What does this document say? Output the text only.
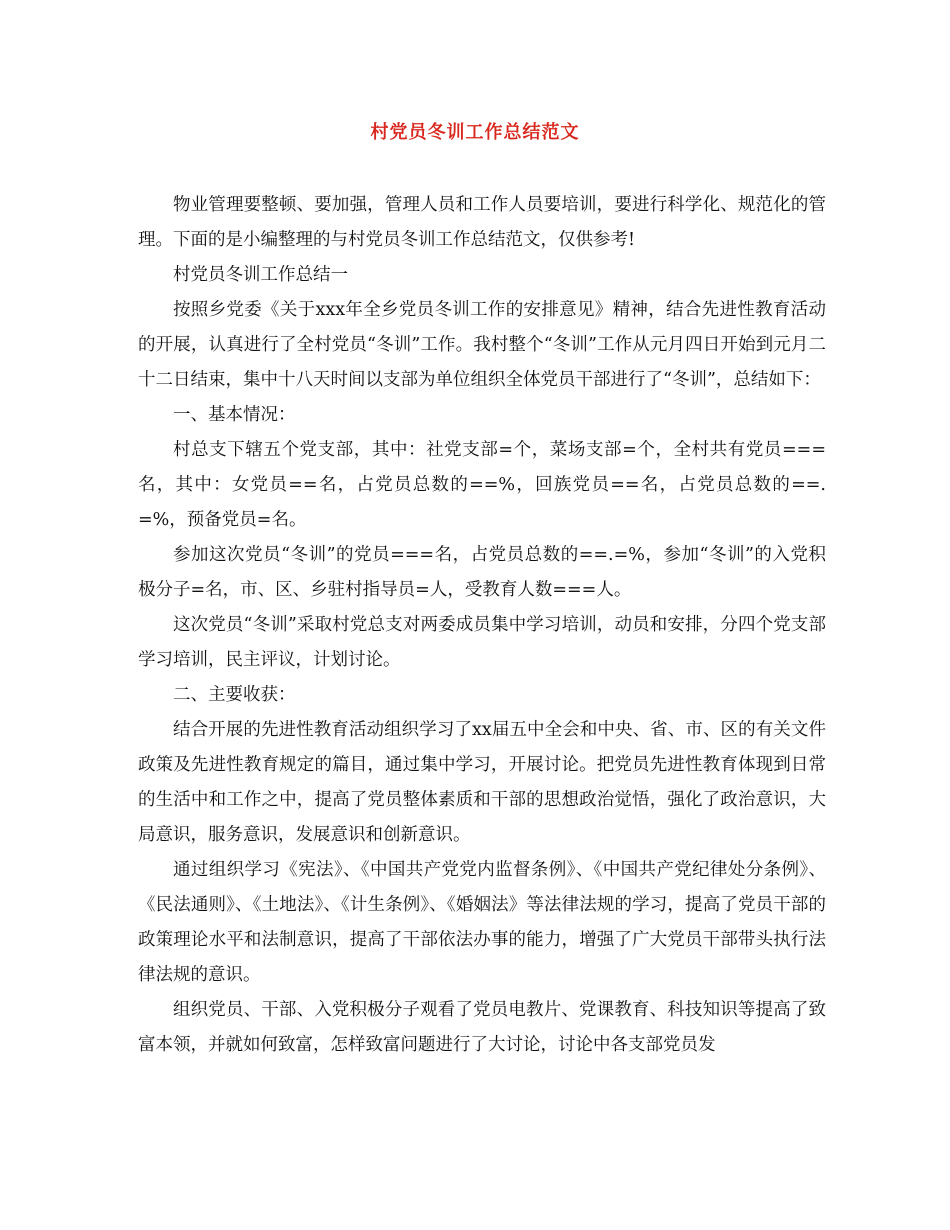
村党员冬训工作总结范文

物业管理要整顿、要加强，管理人员和工作人员要培训，要进行科学化、规范化的管理。下面的是小编整理的与村党员冬训工作总结范文，仅供参考!

村党员冬训工作总结一

按照乡党委《关于xxx年全乡党员冬训工作的安排意见》精神，结合先进性教育活动的开展，认真进行了全村党员“冬训”工作。我村整个“冬训”工作从元月四日开始到元月二十二日结束，集中十八天时间以支部为单位组织全体党员干部进行了“冬训”，总结如下：

一、基本情况：

村总支下辖五个党支部，其中：社党支部=个，菜场支部=个，全村共有党员===名，其中：女党员==名，占党员总数的==%，回族党员==名，占党员总数的==.=%，预备党员=名。

参加这次党员“冬训”的党员===名，占党员总数的==.=%，参加“冬训”的入党积极分子=名，市、区、乡驻村指导员=人，受教育人数===人。

这次党员“冬训”采取村党总支对两委成员集中学习培训，动员和安排，分四个党支部学习培训，民主评议，计划讨论。

二、主要收获：

结合开展的先进性教育活动组织学习了xx届五中全会和中央、省、市、区的有关文件政策及先进性教育规定的篇目，通过集中学习，开展讨论。把党员先进性教育体现到日常的生活中和工作之中，提高了党员整体素质和干部的思想政治觉悟，强化了政治意识，大局意识，服务意识，发展意识和创新意识。

通过组织学习《宪法》、《中国共产党党内监督条例》、《中国共产党纪律处分条例》、《民法通则》、《土地法》、《计生条例》、《婚姻法》等法律法规的学习，提高了党员干部的政策理论水平和法制意识，提高了干部依法办事的能力，增强了广大党员干部带头执行法律法规的意识。

组织党员、干部、入党积极分子观看了党员电教片、党课教育、科技知识等提高了致富本领，并就如何致富，怎样致富问题进行了大讨论，讨论中各支部党员发
